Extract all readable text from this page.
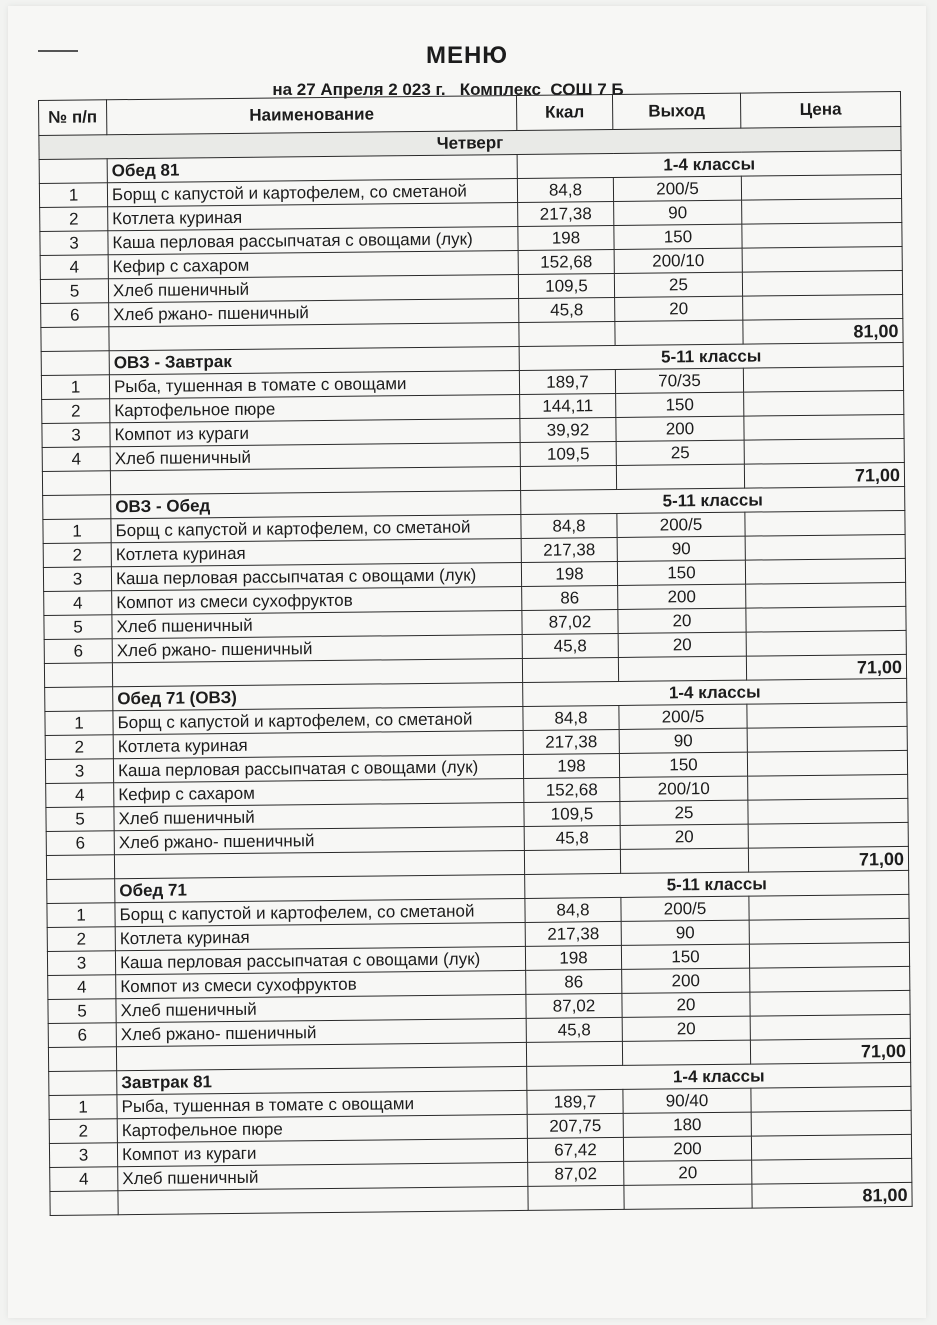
МЕНЮ
на 27 Апреля 2 023 г.   Комплекс  СОШ 7 Б
№ п/п	Наименование	Ккал	Выход	Цена
Четверг				
	Обед 81	1-4 классы		
1	Борщ с капустой и картофелем, со сметаной	84,8	200/5	
2	Котлета куриная	217,38	90	
3	Каша перловая рассыпчатая с овощами (лук)	198	150	
4	Кефир с сахаром	152,68	200/10	
5	Хлеб пшеничный	109,5	25	
6	Хлеб ржано- пшеничный	45,8	20	
				81,00
	ОВЗ - Завтрак	5-11 классы		
1	Рыба, тушенная в томате с овощами	189,7	70/35	
2	Картофельное пюре	144,11	150	
3	Компот из кураги	39,92	200	
4	Хлеб пшеничный	109,5	25	
				71,00
	ОВЗ - Обед	5-11 классы		
1	Борщ с капустой и картофелем, со сметаной	84,8	200/5	
2	Котлета куриная	217,38	90	
3	Каша перловая рассыпчатая с овощами (лук)	198	150	
4	Компот из смеси сухофруктов	86	200	
5	Хлеб пшеничный	87,02	20	
6	Хлеб ржано- пшеничный	45,8	20	
				71,00
	Обед 71 (ОВЗ)	1-4 классы		
1	Борщ с капустой и картофелем, со сметаной	84,8	200/5	
2	Котлета куриная	217,38	90	
3	Каша перловая рассыпчатая с овощами (лук)	198	150	
4	Кефир с сахаром	152,68	200/10	
5	Хлеб пшеничный	109,5	25	
6	Хлеб ржано- пшеничный	45,8	20	
				71,00
	Обед 71	5-11 классы		
1	Борщ с капустой и картофелем, со сметаной	84,8	200/5	
2	Котлета куриная	217,38	90	
3	Каша перловая рассыпчатая с овощами (лук)	198	150	
4	Компот из смеси сухофруктов	86	200	
5	Хлеб пшеничный	87,02	20	
6	Хлеб ржано- пшеничный	45,8	20	
				71,00
	Завтрак 81	1-4 классы		
1	Рыба, тушенная в томате с овощами	189,7	90/40	
2	Картофельное пюре	207,75	180	
3	Компот из кураги	67,42	200	
4	Хлеб пшеничный	87,02	20	
				81,00
